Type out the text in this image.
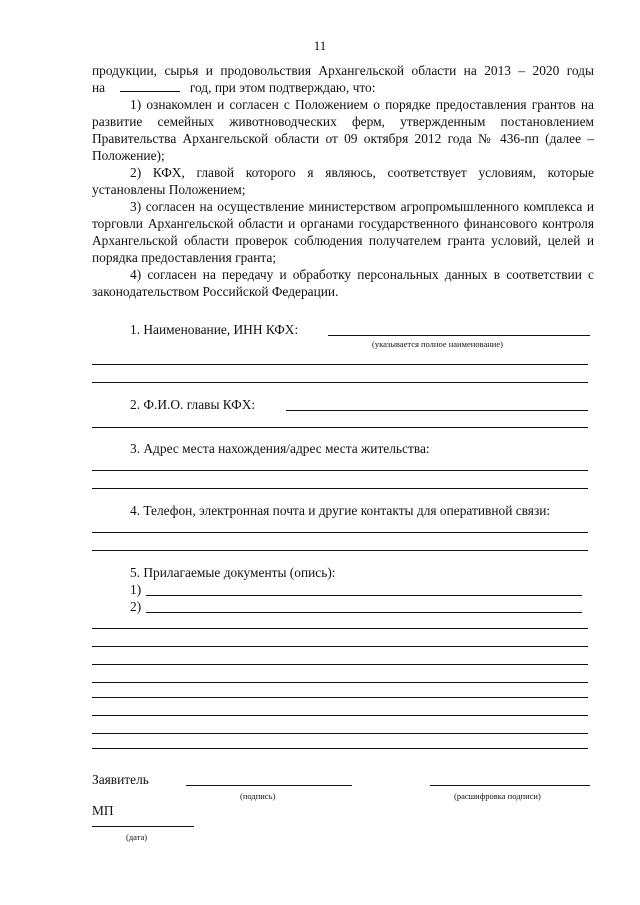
11
продукции, сырья и продовольствия Архангельской области на 2013 – 2020 годы
на	год, при этом подтверждаю, что:
1) ознакомлен и согласен с Положением о порядке предоставления грантов на развитие семейных животноводческих ферм, утвержденным постановлением Правительства Архангельской области от 09 октября 2012 года № 436-пп (далее – Положение);
2) КФХ, главой которого я являюсь, соответствует условиям, которые установлены Положением;
3) согласен на осуществление министерством агропромышленного комплекса и торговли Архангельской области и органами государственного финансового контроля Архангельской области проверок соблюдения получателем гранта условий, целей и порядка предоставления гранта;
4) согласен на передачу и обработку персональных данных в соответствии с законодательством Российской Федерации.
1. Наименование, ИНН КФХ:
(указывается полное наименование)
2. Ф.И.О. главы КФХ:
3. Адрес места нахождения/адрес места жительства:
4. Телефон, электронная почта и другие контакты для оперативной связи:
5. Прилагаемые документы (опись):
1)
2)
Заявитель
(подпись)	(расшифровка подписи)
МП
(дата)
